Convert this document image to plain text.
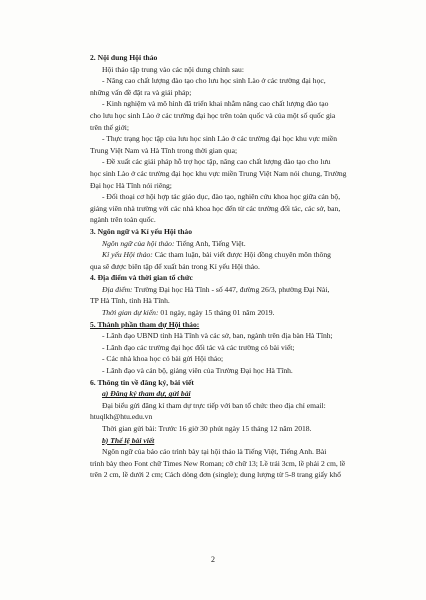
2. Nội dung Hội thảo
Hội thảo tập trung vào các nội dung chính sau:
- Nâng cao chất lượng đào tạo cho lưu học sinh Lào ở các trường đại học,
những vấn đề đặt ra và giải pháp;
- Kinh nghiệm và mô hình đã triển khai nhằm nâng cao chất lượng đào tạo
cho lưu học sinh Lào ở các trường đại học trên toàn quốc và của một số quốc gia
trên thế giới;
- Thực trạng học tập của lưu học sinh Lào ở các trường đại học khu vực miền
Trung Việt Nam và Hà Tĩnh trong thời gian qua;
- Đề xuất các giải pháp hỗ trợ học tập, nâng cao chất lượng đào tạo cho lưu
học sinh Lào ở các trường đại học khu vực miền Trung Việt Nam nói chung, Trường
Đại học Hà Tĩnh nói riêng;
- Đối thoại cơ hội hợp tác giáo dục, đào tạo, nghiên cứu khoa học giữa cán bộ,
giảng viên nhà trường với các nhà khoa học đến từ các trường đối tác, các sở, ban,
ngành trên toàn quốc.
3. Ngôn ngữ và Kỉ yếu Hội thảo
Ngôn ngữ của hội thảo: Tiếng Anh, Tiếng Việt.
Kỉ yếu Hội thảo: Các tham luận, bài viết được Hội đồng chuyên môn thông
qua sẽ được biên tập để xuất bản trong Kỉ yếu Hội thảo.
4. Địa điểm và thời gian tổ chức
Địa điểm: Trường Đại học Hà Tĩnh - số 447, đường 26/3, phường Đại Nài,
TP Hà Tĩnh, tỉnh Hà Tĩnh.
Thời gian dự kiến: 01 ngày, ngày 15 tháng 01 năm 2019.
5. Thành phần tham dự Hội thảo:
- Lãnh đạo UBND tỉnh Hà Tĩnh và các sở, ban, ngành trên địa bàn Hà Tĩnh;
- Lãnh đạo các trường đại học đối tác và các trường có bài viết;
- Các nhà khoa học có bài gửi Hội thảo;
- Lãnh đạo và cán bộ, giảng viên của Trường Đại học Hà Tĩnh.
6. Thông tin về đăng ký, bài viết
a) Đăng ký tham dự, gửi bài
Đại biểu gửi đăng kí tham dự trực tiếp với ban tổ chức theo địa chỉ email:
htuqlkh@htu.edu.vn
Thời gian gửi bài: Trước 16 giờ 30 phút ngày 15 tháng 12 năm 2018.
b) Thể lệ bài viết
Ngôn ngữ của báo cáo trình bày tại hội thảo là Tiếng Việt, Tiếng Anh. Bài
trình bày theo Font chữ Times New Roman; cỡ chữ 13; Lề trái 3cm, lề phải 2 cm, lề
trên 2 cm, lề dưới 2 cm; Cách dòng đơn (single); dung lượng từ 5-8 trang giấy khổ
2
